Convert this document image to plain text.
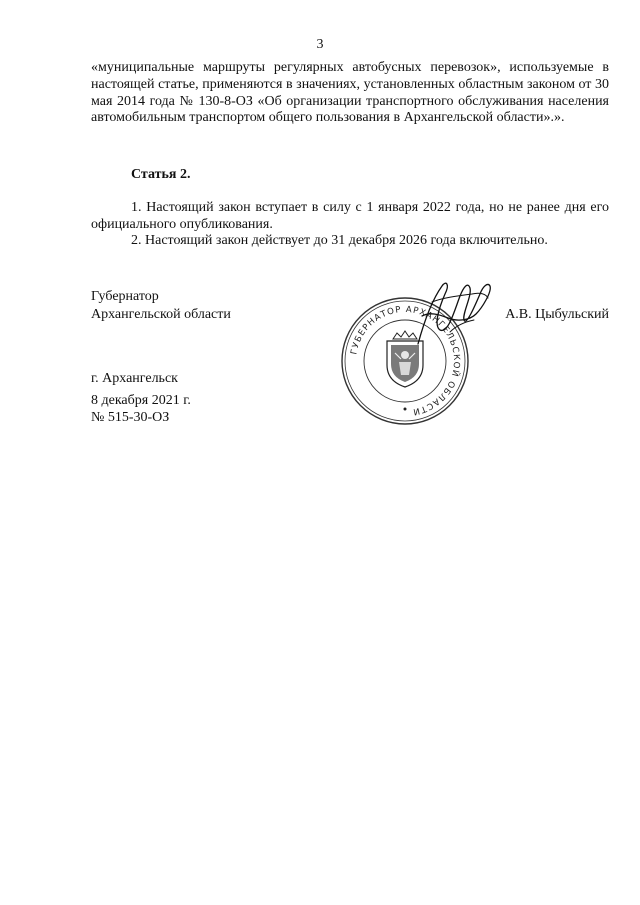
3
«муниципальные маршруты регулярных автобусных перевозок», используемые в настоящей статье, применяются в значениях, установленных областным законом от 30 мая 2014 года № 130-8-ОЗ «Об организации транспортного обслуживания населения автомобильным транспортом общего пользования в Архангельской области».».
Статья 2.
1. Настоящий закон вступает в силу с 1 января 2022 года, но не ранее дня его официального опубликования.
2. Настоящий закон действует до 31 декабря 2026 года включительно.
Губернатор
Архангельской области	А.В. Цыбульский
ГУБЕРНАТОР АРХАНГЕЛЬСКОЙ ОБЛАСТИ
г. Архангельск
8 декабря 2021 г.
№ 515-30-ОЗ
